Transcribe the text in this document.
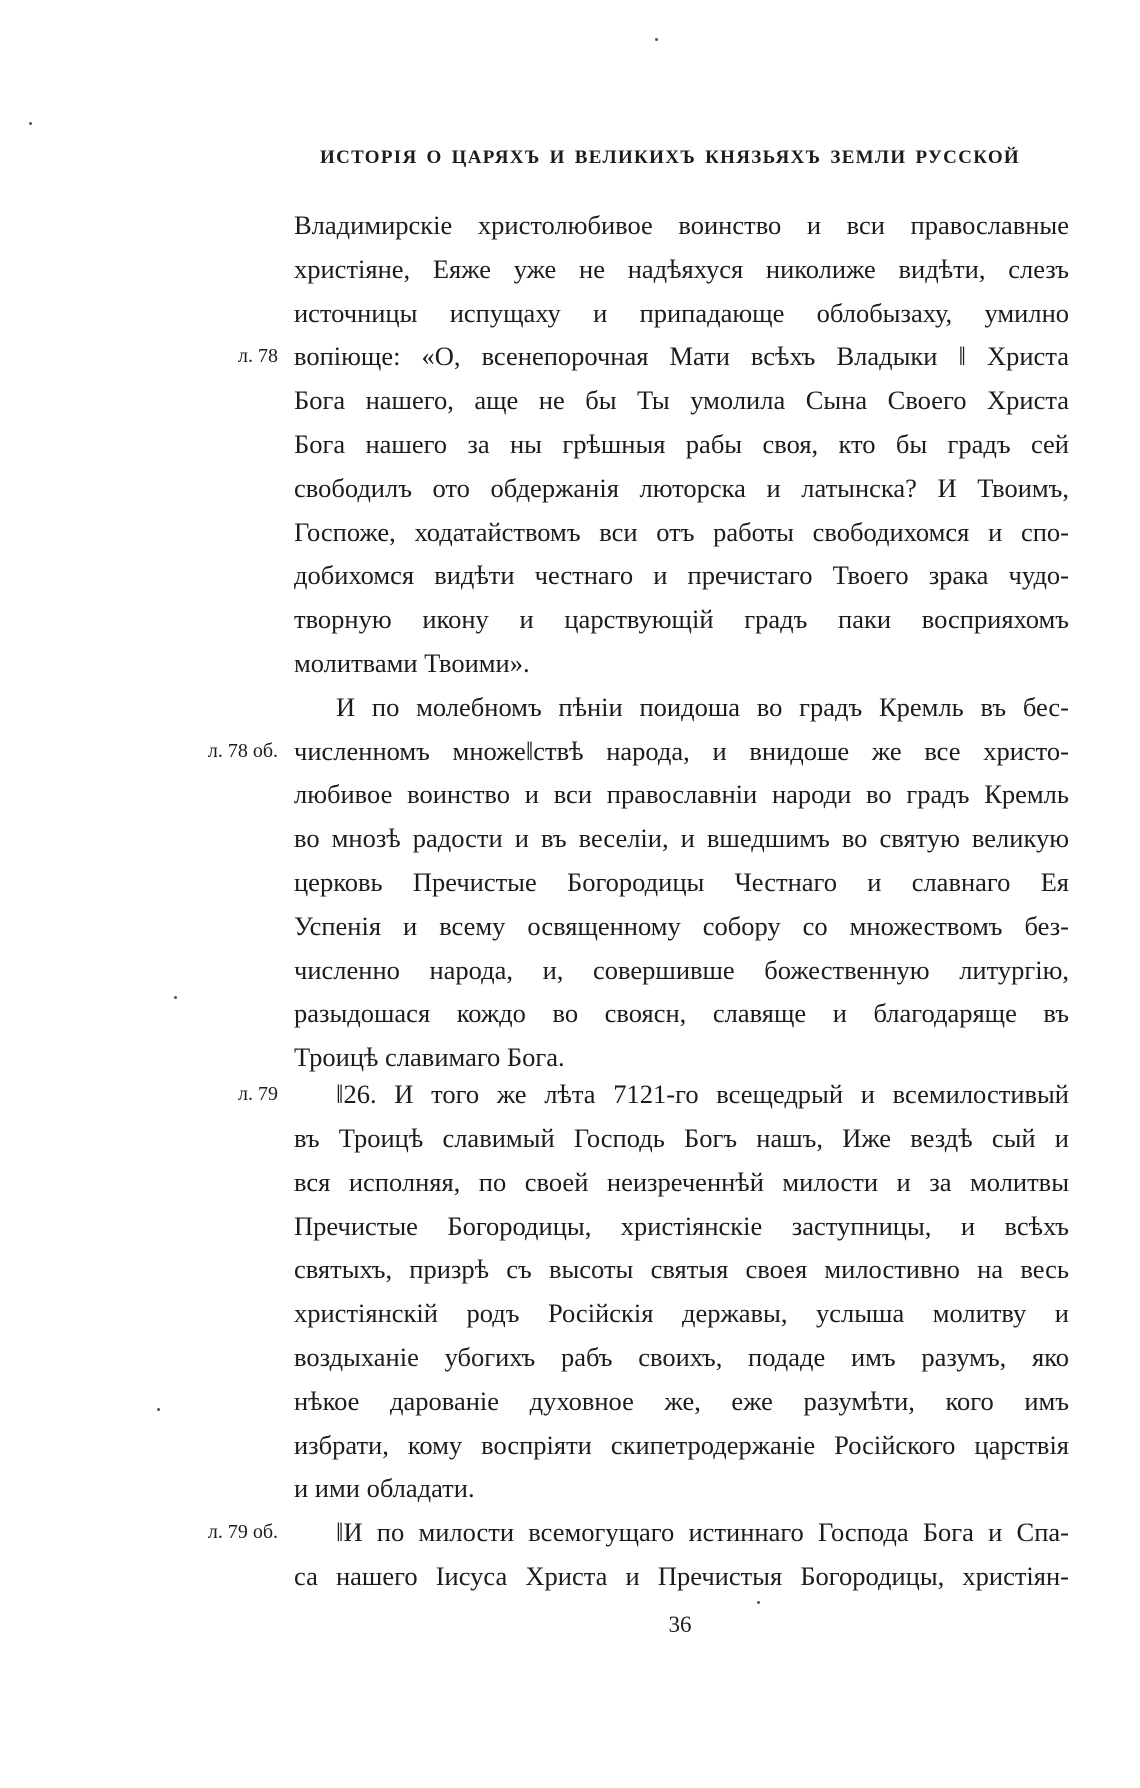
ИСТОРІЯ О ЦАРЯХЪ И ВЕЛИКИХЪ КНЯЗЬЯХЪ ЗЕМЛИ РУССКОЙ
л. 78
л. 78 об.
л. 79
л. 79 об.
Владимирскіе христолюбивое воинство и вси православные
христіяне, Еяже уже не надѣяхуся николиже видѣти, слезъ
источницы испущаху и припадающе облобызаху, умилно
вопіюще: «О, всенепорочная Мати всѣхъ Владыки ‖ Христа
Бога нашего, аще не бы Ты умолила Сына Своего Христа
Бога нашего за ны грѣшныя рабы своя, кто бы градъ сей
свободилъ ото обдержанія люторска и латынска? И Твоимъ,
Госпоже, ходатайствомъ вси отъ работы свободихомся и спо-
добихомся видѣти честнаго и пречистаго Твоего зрака чудо-
творную икону и царствующій градъ паки восприяхомъ
молитвами Твоими».
И по молебномъ пѣніи поидоша во градъ Кремль въ бес-
численномъ множе‖ствѣ народа, и внидоше же все христо-
любивое воинство и вси православніи народи во градъ Кремль
во мнозѣ радости и въ веселіи, и вшедшимъ во святую великую
церковь Пречистые Богородицы Честнаго и славнаго Ея
Успенія и всему освященному собору со множествомъ без-
численно народа, и, совершивше божественную литургію,
разыдошася кождо во своясн, славяще и благодаряще въ
Троицѣ славимаго Бога.
‖26. И того же лѣта 7121-го всещедрый и всемилостивый
въ Троицѣ славимый Господь Богъ нашъ, Иже вездѣ сый и
вся исполняя, по своей неизреченнѣй милости и за молитвы
Пречистые Богородицы, христіянскіе заступницы, и всѣхъ
святыхъ, призрѣ съ высоты святыя своея милостивно на весь
христіянскій родъ Російскія державы, услыша молитву и
воздыханіе убогихъ рабъ своихъ, подаде имъ разумъ, яко
нѣкое дарованіе духовное же, еже разумѣти, кого имъ
избрати, кому воспріяти скипетродержаніе Російского царствія
и ими обладати.
‖И по милости всемогущаго истиннаго Господа Бога и Спа-
са нашего Іисуса Христа и Пречистыя Богородицы, христіян-
36
